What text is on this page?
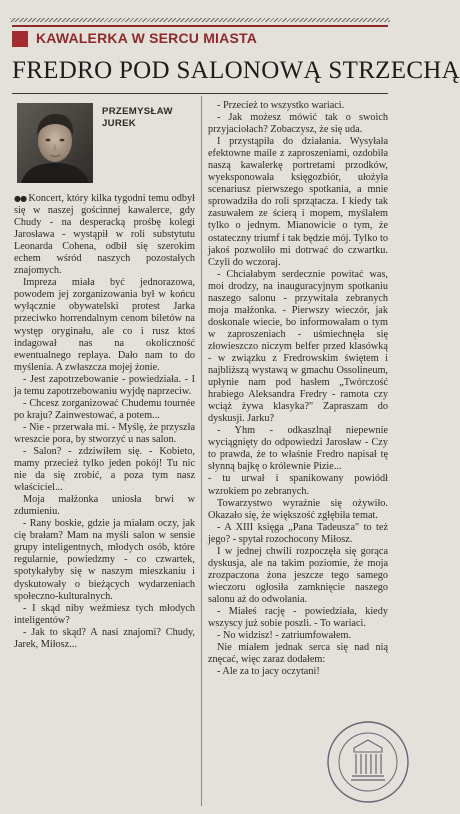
KAWALERKA W SERCU MIASTA
FREDRO POD SALONOWĄ STRZECHĄ
PRZEMYSŁAW
JUREK

●● Koncert, który kilka tygodni temu odbył się w naszej gościnnej kawalerce, gdy Chudy - na desperacką prośbę kolegi Jarosława - wystąpił w roli substytutu Leonarda Cohena, odbił się szerokim echem wśród naszych pozostałych znajomych.

Impreza miała być jednorazowa, powodem jej zorganizowania był w końcu wyłącznie obywatelski protest Jarka przeciwko horrendalnym cenom biletów na występ oryginału, ale co i rusz ktoś indagował nas na okoliczność ewentualnego replaya. Dało nam to do myślenia. A zwłaszcza mojej żonie.

- Jest zapotrzebowanie - powiedziała. - I ja temu zapotrzebowaniu wyjdę naprzeciw.

- Chcesz zorganizować Chudemu tournée po kraju? Zainwestować, a potem...

- Nie - przerwała mi. - Myślę, że przyszła wreszcie pora, by stworzyć u nas salon.

- Salon? - zdziwiłem się. - Kobieto, mamy przecież tylko jeden pokój! Tu nic nie da się zrobić, a poza tym nasz właściciel...

Moja małżonka uniosła brwi w zdumieniu.

- Rany boskie, gdzie ja miałam oczy, jak cię brałam? Mam na myśli salon w sensie grupy inteligentnych, młodych osób, które regularnie, powiedzmy - co czwartek, spotykałyby się w naszym mieszkaniu i dyskutowały o bieżących wydarzeniach społeczno-kulturalnych.

- I skąd niby weźmiesz tych młodych inteligentów?

- Jak to skąd? A nasi znajomi? Chudy, Jarek, Miłosz...

- Przecież to wszystko wariaci.

- Jak możesz mówić tak o swoich przyjaciołach? Zobaczysz, że się uda.

I przystąpiła do działania. Wysyłała efektowne maile z zaproszeniami, ozdobiła naszą kawalerkę portretami przodków, wyeksponowała księgozbiór, ułożyła scenariusz pierwszego spotkania, a mnie sprowadziła do roli sprzątacza. I kiedy tak zasuwałem ze ścierą i mopem, myślałem tylko o jednym. Mianowicie o tym, że ostateczny triumf i tak będzie mój. Tylko to jakoś pozwoliło mi dotrwać do czwartku. Czyli do wczoraj.

- Chciałabym serdecznie powitać was, moi drodzy, na inauguracyjnym spotkaniu naszego salonu - przywitała zebranych moja małżonka. - Pierwszy wieczór, jak doskonale wiecie, bo informowałam o tym w zaproszeniach - uśmiechnęła się złowieszczo niczym belfer przed klasówką - w związku z Fredrowskim świętem i najbliższą wystawą w gmachu Ossolineum, upłynie nam pod hasłem „Twórczość hrabiego Aleksandra Fredry - ramota czy wciąż żywa klasyka?" Zapraszam do dyskusji. Jarku?

- Yhm - odkaszlnął niepewnie wyciągnięty do odpowiedzi Jarosław - Czy to prawda, że to właśnie Fredro napisał tę słynną bajkę o królewnie Pizie...

- tu urwał i spanikowany powiódł wzrokiem po zebranych.

Towarzystwo wyraźnie się ożywiło. Okazało się, że większość zgłębiła temat.

- A XIII księga „Pana Tadeusza" to też jego? - spytał rozochocony Miłosz.

I w jednej chwili rozpoczęła się gorąca dyskusja, ale na takim poziomie, że moja zrozpaczona żona jeszcze tego samego wieczoru ogłosiła zamknięcie naszego salonu aż do odwołania.

- Miałeś rację - powiedziała, kiedy wszyscy już sobie poszli. - To wariaci.

- No widzisz! - zatriumfowałem.

Nie miałem jednak serca się nad nią znęcać, więc zaraz dodałem:

- Ale za to jacy oczytani!
